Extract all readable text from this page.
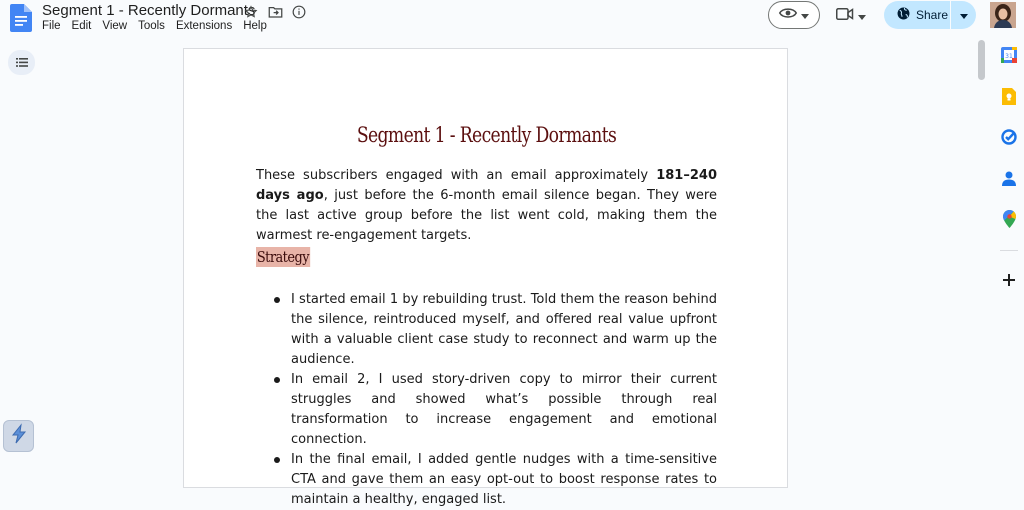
Segment 1 - Recently Dormants
File Edit View Tools Extensions Help
Share
Segment 1 - Recently Dormants

These subscribers engaged with an email approximately 181–240 days ago, just before the 6-month email silence began. They were the last active group before the list went cold, making them the warmest re-engagement targets.

Strategy
I started email 1 by rebuilding trust. Told them the reason behind the silence, reintroduced myself, and offered real value upfront with a valuable client case study to reconnect and warm up the audience.
In email 2, I used story-driven copy to mirror their current struggles and showed what’s possible through real transformation to increase engagement and emotional connection.
In the final email, I added gentle nudges with a time-sensitive CTA and gave them an easy opt-out to boost response rates to maintain a healthy, engaged list.
31
